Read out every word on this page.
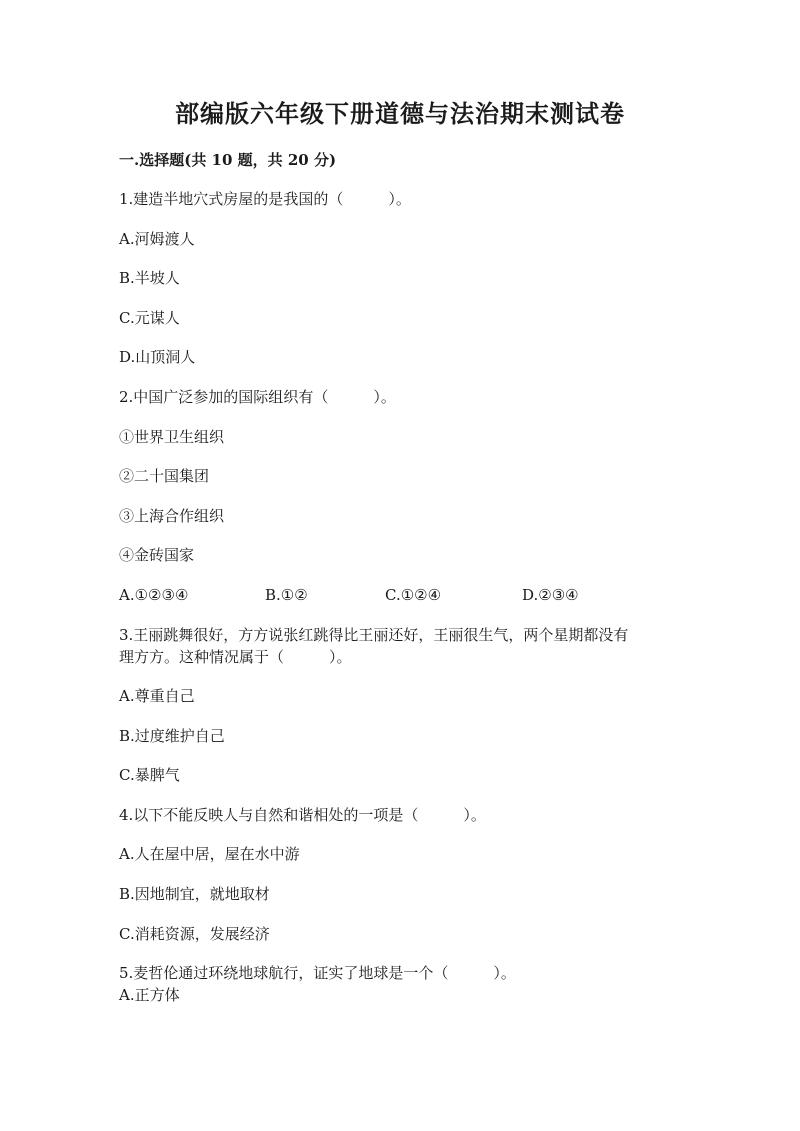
部编版六年级下册道德与法治期末测试卷
一.选择题(共 10 题，共 20 分)
1.建造半地穴式房屋的是我国的（　　　）。
A.河姆渡人
B.半坡人
C.元谋人
D.山顶洞人
2.中国广泛参加的国际组织有（　　　）。
①世界卫生组织
②二十国集团
③上海合作组织
④金砖国家
A.①②③④	B.①②	C.①②④	D.②③④
3.王丽跳舞很好，方方说张红跳得比王丽还好，王丽很生气，两个星期都没有
理方方。这种情况属于（　　　）。
A.尊重自己
B.过度维护自己
C.暴脾气
4.以下不能反映人与自然和谐相处的一项是（　　　）。
A.人在屋中居，屋在水中游
B.因地制宜，就地取材
C.消耗资源，发展经济
5.麦哲伦通过环绕地球航行，证实了地球是一个（　　　）。
A.正方体
